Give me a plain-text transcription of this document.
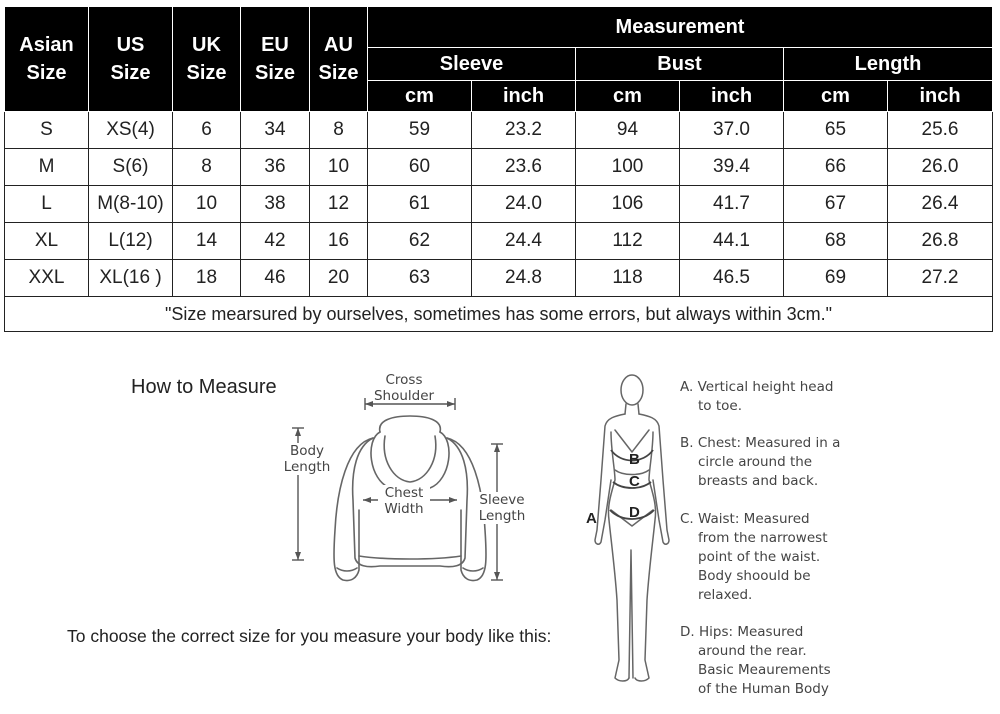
Asian Size	US Size	UK Size	EU Size	AU Size	Measurement					
					Sleeve		Bust		Length	
					cm	inch	cm	inch	cm	inch
S	XS(4)	6	34	8	59	23.2	94	37.0	65	25.6
M	S(6)	8	36	10	60	23.6	100	39.4	66	26.0
L	M(8-10)	10	38	12	61	24.0	106	41.7	67	26.4
XL	L(12)	14	42	16	62	24.4	112	44.1	68	26.8
XXL	XL(16 )	18	46	20	63	24.8	118	46.5	69	27.2
"Size mearsured by ourselves, sometimes has some errors, but always within 3cm."										
How to Measure
To choose the correct size for you measure your body like this:
Cross
Shoulder
Body
Length
Chest
Width
Sleeve
Length	A
B
C
D
A. Vertical height head
to toe.
B. Chest: Measured in a
circle around the
breasts and back.
C. Waist: Measured
from the narrowest
point of the waist.
Body shoould be
relaxed.
D. Hips: Measured
around the rear.
Basic Meaurements
of the Human Body
